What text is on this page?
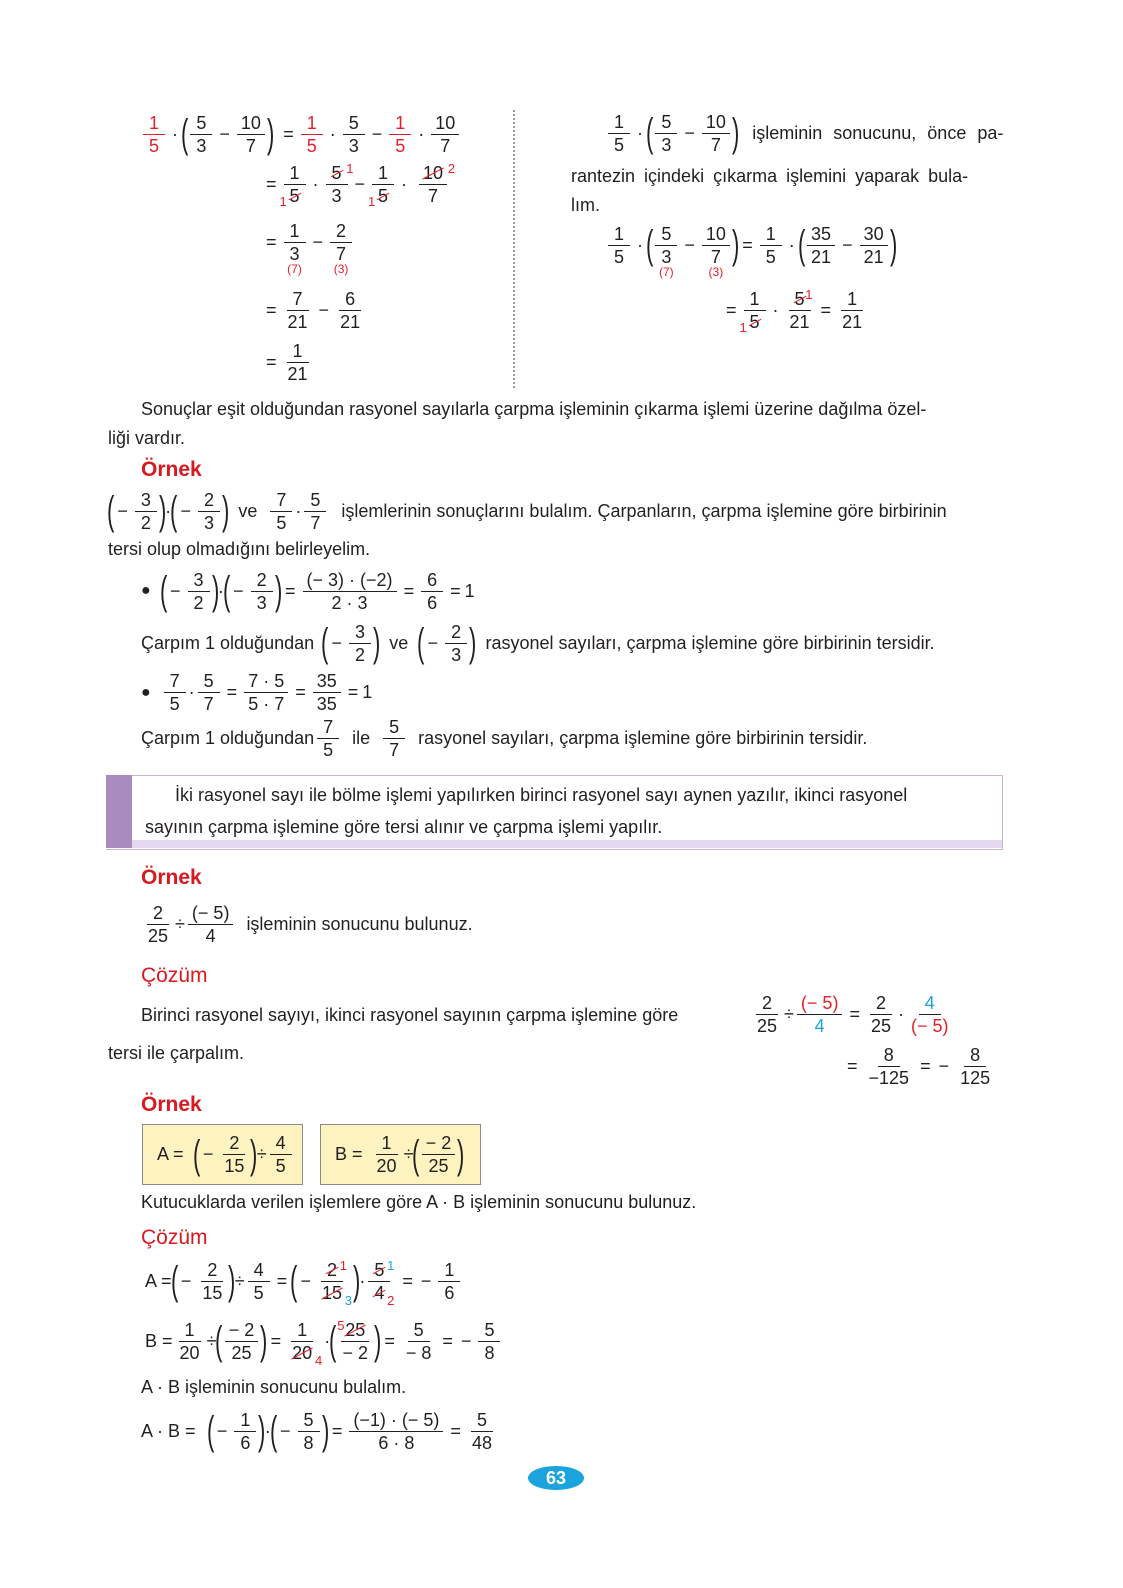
1
5
· ( 5
3
− $\frac{10}{7}$ ) = $\frac{1}{5}$ ·
5
3
− $\frac{1}{5}$ ·
10
7
= $\frac{1}{1 5}$ ·
5 1
3
− $\frac{1}{1 5}$ ·
10 2
7
=
1
3
(7)
−
2
7
(3)
= $\frac{7}{21} - \frac{6}{21}$
= $\frac{1}{21}$
1
5
· ( 5
3
− $\frac{10}{7}$ ) işleminin sonucunu, önce pa-
rantezin içindeki çıkarma işlemini yaparak bula-
lım.
1
5
· ( 5
3
(7)
−
10
7
(3)
) = $\frac{1}{5}$ · ( 35
21
− $\frac{30}{21}$ )
= $\frac{1}{1 5} \cdot \frac{5 1}{21} = \frac{1}{21}$
Sonuçlar eşit olduğundan rasyonel sayılarla çarpma işleminin çıkarma işlemi üzerine dağılma özel-
liği vardır.
Örnek
( − $\frac{3}{2}$ )
·
( − $\frac{2}{3}$ ) ve
7
5
·
5
7
işlemlerinin sonuçlarını bulalım. Çarpanların, çarpma işlemine göre birbirinin
tersi olup olmadığını belirleyelim.
● ( − $\frac{3}{2}$ )
·
( − $\frac{2}{3}$ ) = $\frac{(- 3) \cdot (-2)}{2 \cdot 3} = \frac{6}{6} = 1$
Çarpım 1 olduğundan ( − $\frac{3}{2}$ ) ve ( − $\frac{2}{3}$ ) rasyonel sayıları, çarpma işlemine göre birbirinin tersidir.
●
7
5
· $\frac{5}{7} = \frac{7 \cdot 5}{5 \cdot 7} = \frac{35}{35} = 1$
Çarpım 1 olduğundan
7
5
ile
5
7
rasyonel sayıları, çarpma işlemine göre birbirinin tersidir.
İki rasyonel sayı ile bölme işlemi yapılırken birinci rasyonel sayı aynen yazılır, ikinci rasyonel
sayının çarpma işlemine göre tersi alınır ve çarpma işlemi yapılır.
Örnek
$\frac{2}{25} \div \frac{(- 5)}{4}$ işleminin sonucunu bulunuz.
Çözüm
Birinci rasyonel sayıyı, ikinci rasyonel sayının çarpma işlemine göre
tersi ile çarpalım.
$\frac{2}{25} \div \frac{(- 5)}{4} = \frac{2}{25}$ ·
4
(− 5)
= $\frac{8}{-125}$ = − $\frac{8}{125}$
Örnek
A = ( − $\frac{2}{15}$ )
÷ $\frac{4}{5}$ $B = \frac{1}{20}$ ÷
( − 2
25 )
Kutucuklarda verilen işlemlere göre A · B işleminin sonucunu bulunuz.
Çözüm
A =
( − $\frac{2}{15}$ )
÷ $\frac{4}{5}$ = ( − $\frac{2 1}{15 3}$ )
· $\frac{5 1}{4 2}$ = − $\frac{1}{6}$
$B = \frac{1}{20}$ ÷
( − 2
25 ) = $\frac{1}{20 4}$ ·
( 5 25
− 2 ) = $\frac{5}{- 8}$ = − $\frac{5}{8}$
A · B işleminin sonucunu bulalım.
A · B = ( − $\frac{1}{6}$ )
·
( − $\frac{5}{8}$ ) = $\frac{(-1) \cdot (- 5)}{6 \cdot 8} = \frac{5}{48}$
63
